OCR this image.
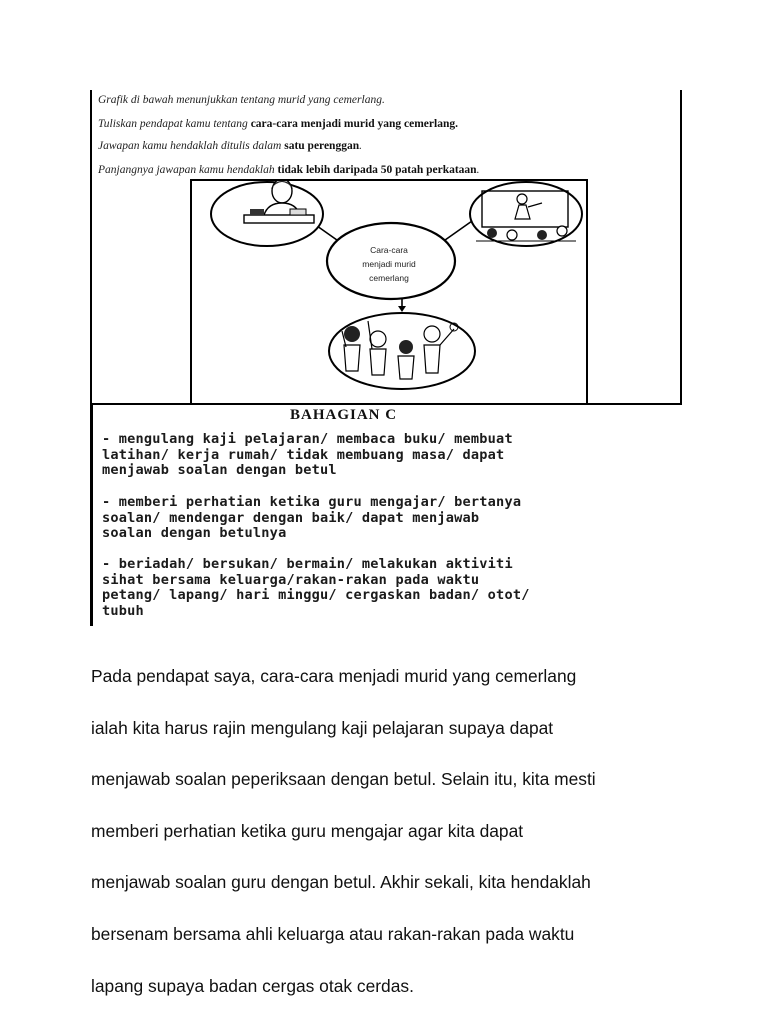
Grafik di bawah menunjukkan tentang murid yang cemerlang.
Tuliskan pendapat kamu tentang cara-cara menjadi murid yang cemerlang.
Jawapan kamu hendaklah ditulis dalam satu perenggan.
Panjangnya jawapan kamu hendaklah tidak lebih daripada 50 patah perkataan.
Cara-cara
menjadi murid
cemerlang
BAHAGIAN C
- mengulang kaji pelajaran/ membaca buku/ membuat
latihan/ kerja rumah/ tidak membuang masa/ dapat
menjawab soalan dengan betul
- memberi perhatian ketika guru mengajar/ bertanya
soalan/ mendengar dengan baik/ dapat menjawab
soalan dengan betulnya
- beriadah/ bersukan/ bermain/ melakukan aktiviti
sihat bersama keluarga/rakan-rakan pada waktu
petang/ lapang/ hari minggu/ cergaskan badan/ otot/
tubuh
Pada pendapat saya, cara-cara menjadi murid yang cemerlang

ialah kita harus rajin mengulang kaji pelajaran supaya dapat

menjawab soalan peperiksaan dengan betul. Selain itu, kita mesti

memberi perhatian ketika guru mengajar agar kita dapat

menjawab soalan guru dengan betul. Akhir sekali, kita hendaklah

bersenam bersama ahli keluarga atau rakan-rakan pada waktu

lapang supaya badan cergas otak cerdas.
